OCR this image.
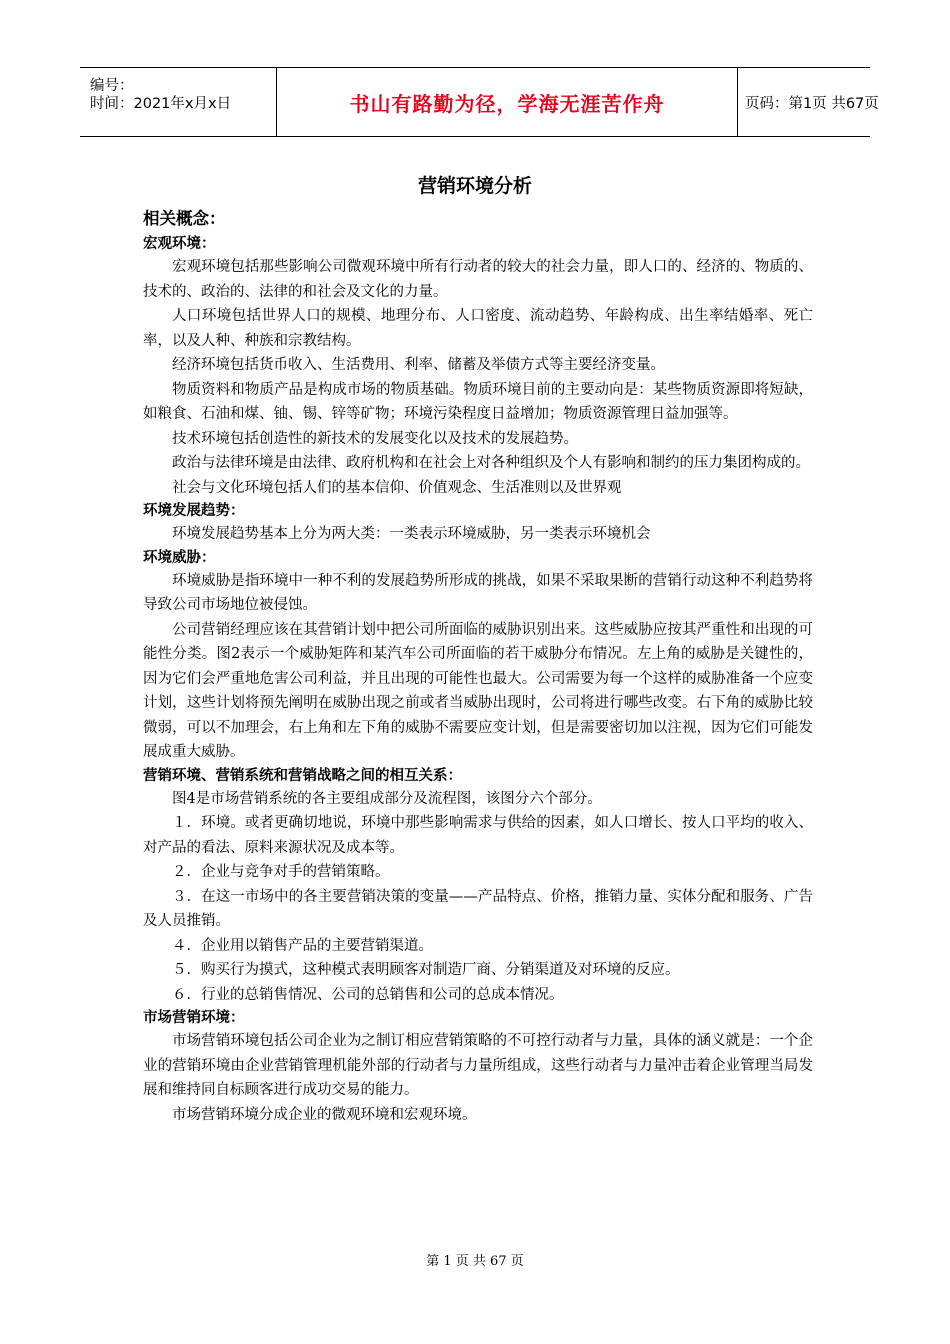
编号：
时间：2021年x月x日	书山有路勤为径，学海无涯苦作舟	页码：第1页 共67页
营销环境分析
相关概念：
宏观环境：
宏观环境包括那些影响公司微观环境中所有行动者的较大的社会力量，即人口的、经济的、物质的、技术的、政治的、法律的和社会及文化的力量。
人口环境包括世界人口的规模、地理分布、人口密度、流动趋势、年龄构成、出生率结婚率、死亡率，以及人种、种族和宗教结构。
经济环境包括货币收入、生活费用、利率、储蓄及举债方式等主要经济变量。
物质资料和物质产品是构成市场的物质基础。物质环境目前的主要动向是：某些物质资源即将短缺，如粮食、石油和煤、铀、锡、锌等矿物；环境污染程度日益增加；物质资源管理日益加强等。
技术环境包括创造性的新技术的发展变化以及技术的发展趋势。
政治与法律环境是由法律、政府机构和在社会上对各种组织及个人有影响和制约的压力集团构成的。
社会与文化环境包括人们的基本信仰、价值观念、生活准则以及世界观
环境发展趋势：
环境发展趋势基本上分为两大类：一类表示环境威胁，另一类表示环境机会
环境威胁：
环境威胁是指环境中一种不利的发展趋势所形成的挑战，如果不采取果断的营销行动这种不利趋势将导致公司市场地位被侵蚀。
公司营销经理应该在其营销计划中把公司所面临的威胁识别出来。这些威胁应按其严重性和出现的可能性分类。图2表示一个威胁矩阵和某汽车公司所面临的若干威胁分布情况。左上角的威胁是关键性的，因为它们会严重地危害公司利益，并且出现的可能性也最大。公司需要为每一个这样的威胁准备一个应变计划，这些计划将预先阐明在威胁出现之前或者当威胁出现时，公司将进行哪些改变。右下角的威胁比较微弱，可以不加理会，右上角和左下角的威胁不需要应变计划，但是需要密切加以注视，因为它们可能发展成重大威胁。
营销环境、营销系统和营销战略之间的相互关系：
图4是市场营销系统的各主要组成部分及流程图，该图分六个部分。
１．环境。或者更确切地说，环境中那些影响需求与供给的因素，如人口增长、按人口平均的收入、对产品的看法、原料来源状况及成本等。
２．企业与竞争对手的营销策略。
３．在这一市场中的各主要营销决策的变量——产品特点、价格，推销力量、实体分配和服务、广告及人员推销。
４．企业用以销售产品的主要营销渠道。
５．购买行为摸式，这种模式表明顾客对制造厂商、分销渠道及对环境的反应。
６．行业的总销售情况、公司的总销售和公司的总成本情况。
市场营销环境：
市场营销环境包括公司企业为之制订相应营销策略的不可控行动者与力量，具体的涵义就是：一个企业的营销环境由企业营销管理机能外部的行动者与力量所组成，这些行动者与力量冲击着企业管理当局发展和维持同自标顾客进行成功交易的能力。
市场营销环境分成企业的微观环境和宏观环境。
第 1 页 共 67 页
